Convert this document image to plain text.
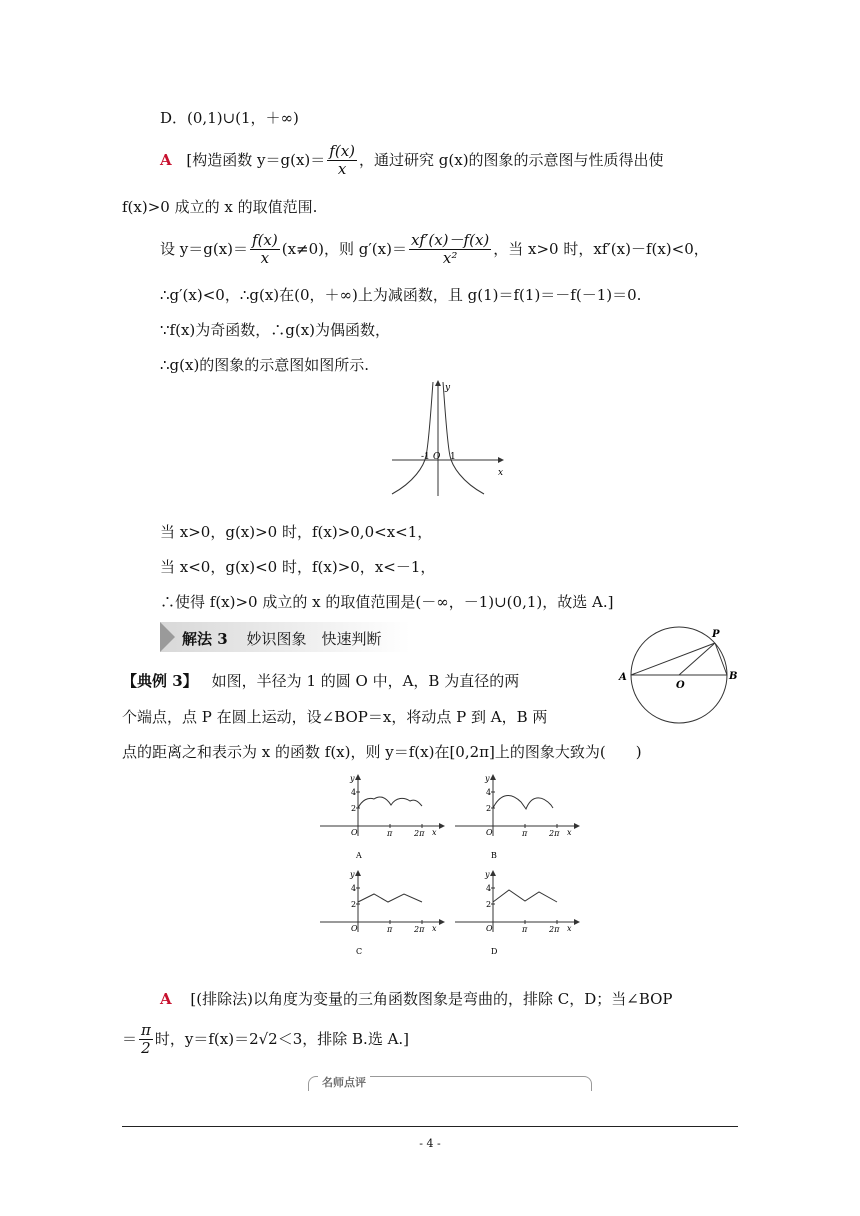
D．(0,1)∪(1，＋∞)
A [构造函数 $y=g(x)= \frac{f(x)}{x}$ ，通过研究 g(x)的图象的示意图与性质得出使
f(x)>0 成立的 x 的取值范围.
设 $y=g(x)= \frac{f(x)}{x} (x\ne 0)$，则 $g'(x)= \frac{xf'(x)-f(x)}{\text{x²}}$ ，当 x>0 时，xf′(x)－f(x)<0，
∴g′(x)<0，∴g(x)在(0，＋∞)上为减函数，且 g(1)＝f(1)＝－f(－1)＝0.
∵f(x)为奇函数，∴g(x)为偶函数，
∴g(x)的图象的示意图如图所示.
y
x
-1 O 1
当 x>0，g(x)>0 时，f(x)>0,0<x<1，
当 x<0，g(x)<0 时，f(x)>0，x<－1，
∴使得 f(x)>0 成立的 x 的取值范围是(－∞，－1)∪(0,1)，故选 A.]
解法 3 妙识图象　快速判断
【典例 3】 如图，半径为 1 的圆 O 中，A，B 为直径的两
个端点，点 P 在圆上运动，设∠BOP＝x，将动点 P 到 A，B 两
点的距离之和表示为 x 的函数 f(x)，则 y＝f(x)在[0,2π]上的图象大致为(　　)
A	B
O
P
y
4
2
O	π	2π x
A
y
4
2
O	π	2π x
B
y
4
2
O	π	2π x
C
y
4
2
O	π	2π x
D
A [(排除法)以角度为变量的三角函数图象是弯曲的，排除 C，D；当∠BOP
＝ $\frac{\pi}{2}$ 时，y＝f(x)＝2√2＜3，排除 B.选 A.]
名师点评
- 4 -
